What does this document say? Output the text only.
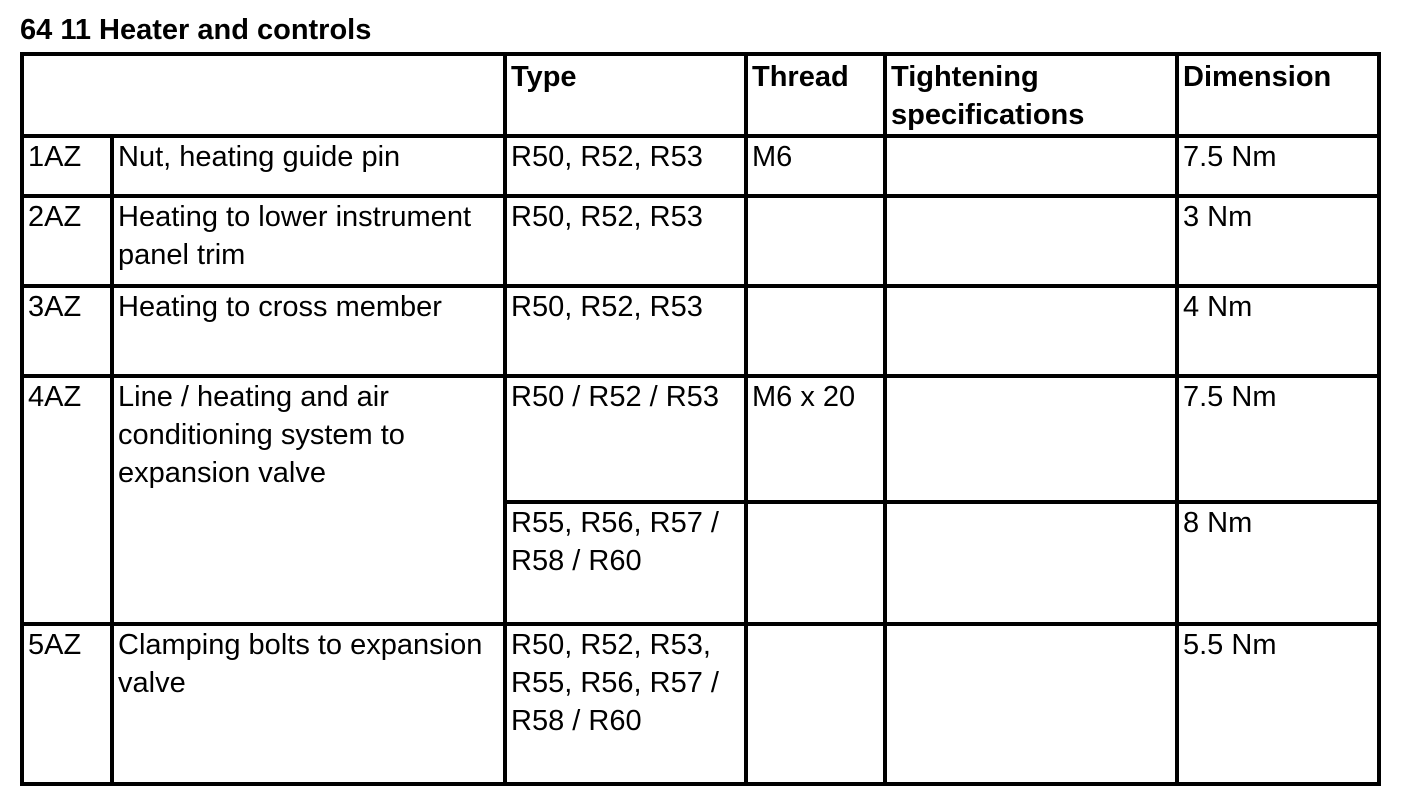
64 11 Heater and controls
		Type	Thread	Tightening specifications	Dimension
1AZ	Nut, heating guide pin	R50, R52, R53	M6		7.5 Nm
2AZ	Heating to lower instrument panel trim	R50, R52, R53			3 Nm
3AZ	Heating to cross member	R50, R52, R53			4 Nm
4AZ	Line / heating and air conditioning system to expansion valve	R50 / R52 / R53	M6 x 20		7.5 Nm
		R55, R56, R57 / R58 / R60			8 Nm
5AZ	Clamping bolts to expansion valve	R50, R52, R53, R55, R56, R57 / R58 / R60			5.5 Nm
